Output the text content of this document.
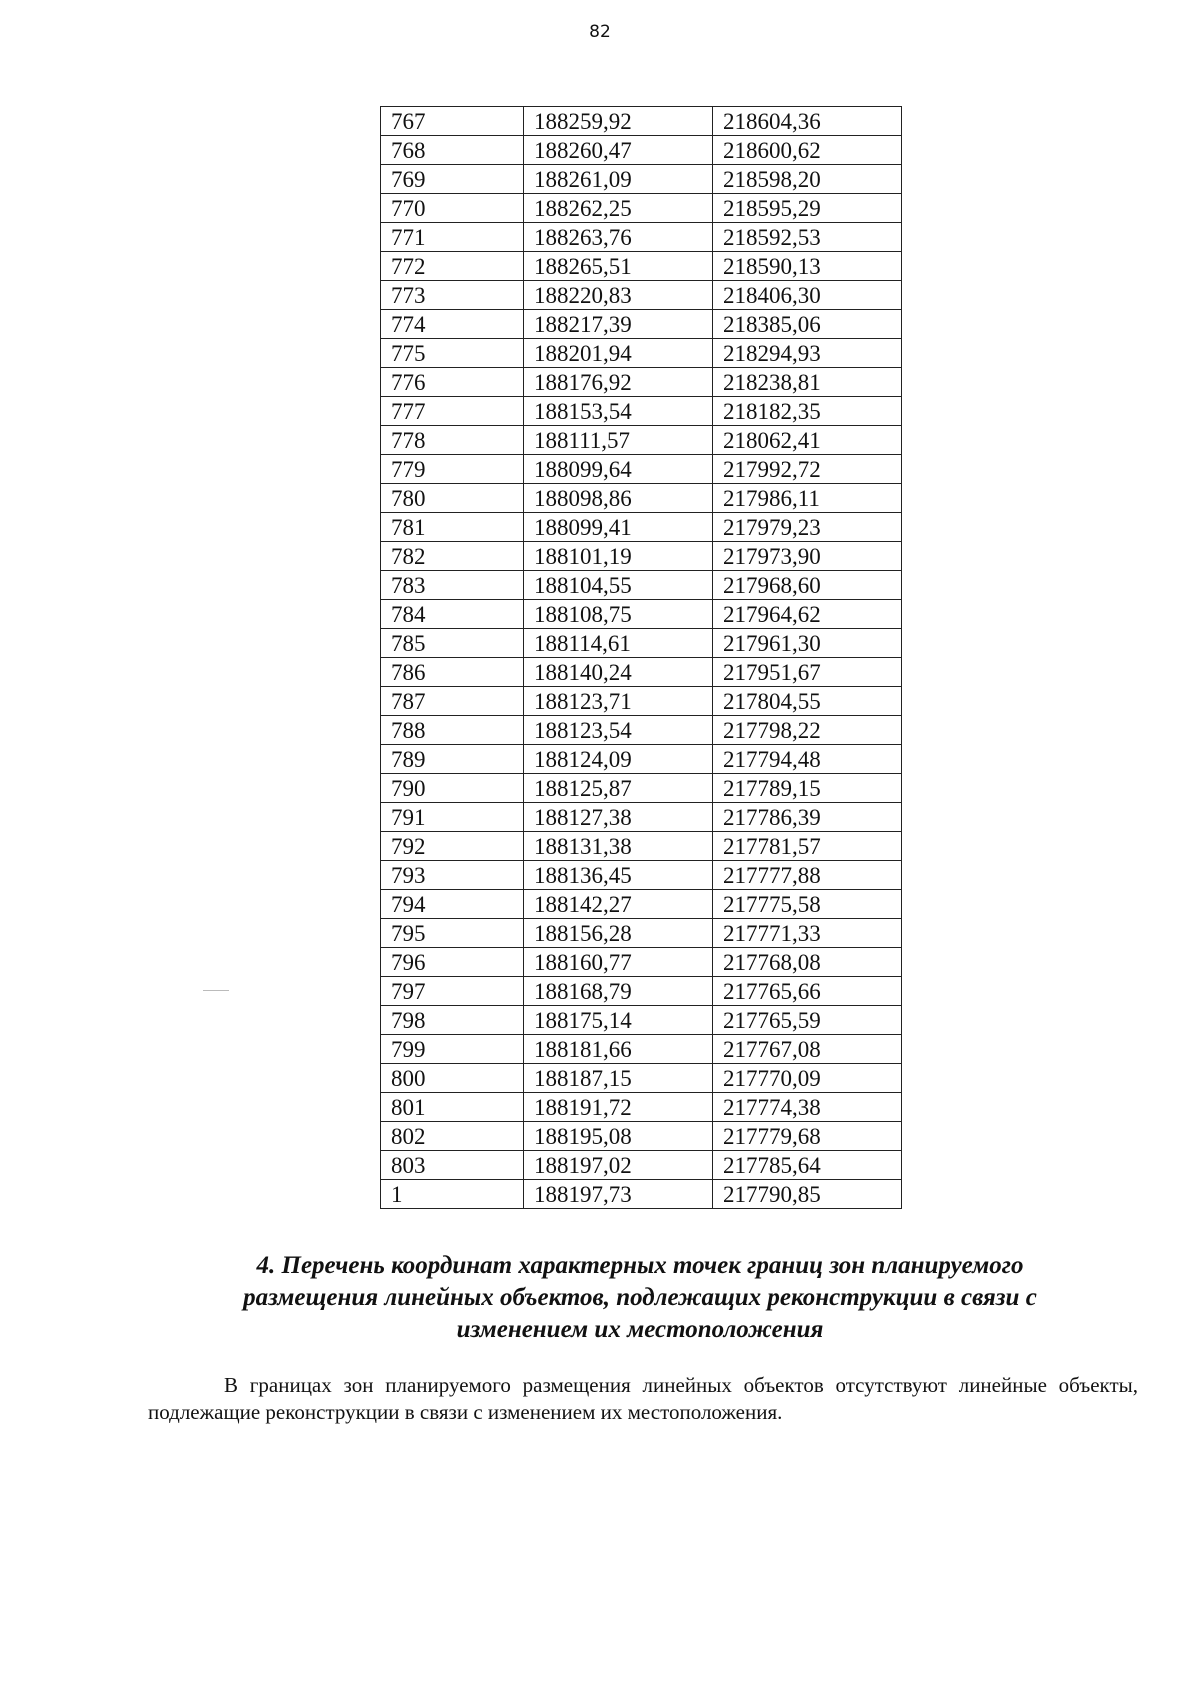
82
767	188259,92	218604,36
768	188260,47	218600,62
769	188261,09	218598,20
770	188262,25	218595,29
771	188263,76	218592,53
772	188265,51	218590,13
773	188220,83	218406,30
774	188217,39	218385,06
775	188201,94	218294,93
776	188176,92	218238,81
777	188153,54	218182,35
778	188111,57	218062,41
779	188099,64	217992,72
780	188098,86	217986,11
781	188099,41	217979,23
782	188101,19	217973,90
783	188104,55	217968,60
784	188108,75	217964,62
785	188114,61	217961,30
786	188140,24	217951,67
787	188123,71	217804,55
788	188123,54	217798,22
789	188124,09	217794,48
790	188125,87	217789,15
791	188127,38	217786,39
792	188131,38	217781,57
793	188136,45	217777,88
794	188142,27	217775,58
795	188156,28	217771,33
796	188160,77	217768,08
797	188168,79	217765,66
798	188175,14	217765,59
799	188181,66	217767,08
800	188187,15	217770,09
801	188191,72	217774,38
802	188195,08	217779,68
803	188197,02	217785,64
1	188197,73	217790,85
4. Перечень координат характерных точек границ зон планируемого
размещения линейных объектов, подлежащих реконструкции в связи с
изменением их местоположения

В границах зон планируемого размещения линейных объектов отсутствуют линейные объекты, подлежащие реконструкции в связи с изменением их местоположения.
